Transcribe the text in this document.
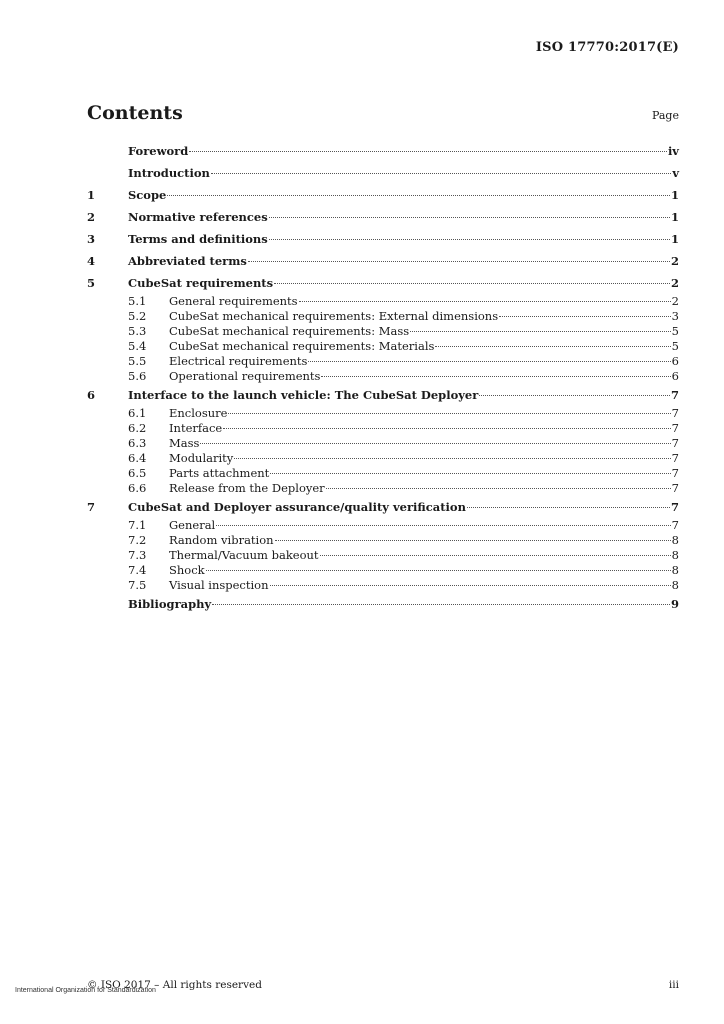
ISO 17770:2017(E)
Contents	Page
Foreword	iv
Introduction	v
1	Scope	1
2	Normative references	1
3	Terms and definitions	1
4	Abbreviated terms	2
5	CubeSat requirements	2
5.1	General requirements	2
5.2	CubeSat mechanical requirements: External dimensions	3
5.3	CubeSat mechanical requirements: Mass	5
5.4	CubeSat mechanical requirements: Materials	5
5.5	Electrical requirements	6
5.6	Operational requirements	6
6	Interface to the launch vehicle: The CubeSat Deployer	7
6.1	Enclosure	7
6.2	Interface	7
6.3	Mass	7
6.4	Modularity	7
6.5	Parts attachment	7
6.6	Release from the Deployer	7
7	CubeSat and Deployer assurance/quality verification	7
7.1	General	7
7.2	Random vibration	8
7.3	Thermal/Vacuum bakeout	8
7.4	Shock	8
7.5	Visual inspection	8
Bibliography	9
International Organization for Standardization
© ISO 2017 – All rights reserved	iii
